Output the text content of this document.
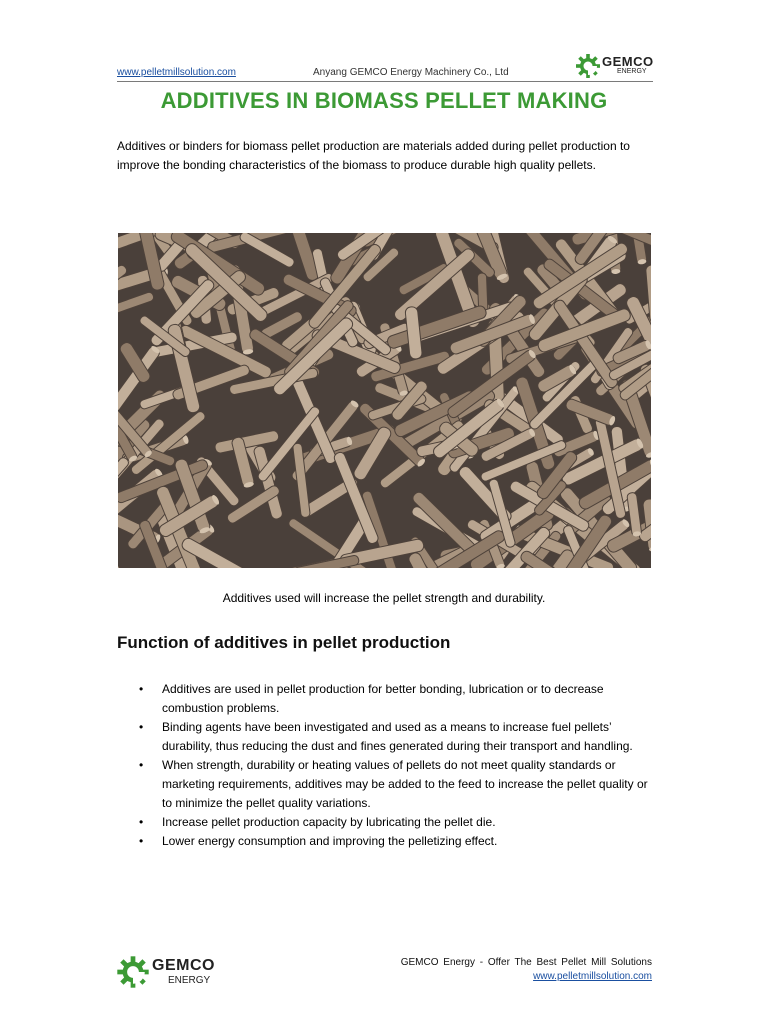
www.pelletmillsolution.com	Anyang GEMCO Energy Machinery Co., Ltd
GEMCO
ENERGY
ADDITIVES IN BIOMASS PELLET MAKING

Additives or binders for biomass pellet production are materials added during pellet production to improve the bonding characteristics of the biomass to produce durable high quality pellets.

Additives used will increase the pellet strength and durability.
Function of additives in pellet production
• Additives are used in pellet production for better bonding, lubrication or to decrease combustion problems.
• Binding agents have been investigated and used as a means to increase fuel pellets’ durability, thus reducing the dust and fines generated during their transport and handling.
• When strength, durability or heating values of pellets do not meet quality standards or marketing requirements, additives may be added to the feed to increase the pellet quality or to minimize the pellet quality variations.
• Increase pellet production capacity by lubricating the pellet die.
• Lower energy consumption and improving the pelletizing effect.
GEMCO
ENERGY
GEMCO Energy - Offer The Best Pellet Mill Solutions
www.pelletmillsolution.com
